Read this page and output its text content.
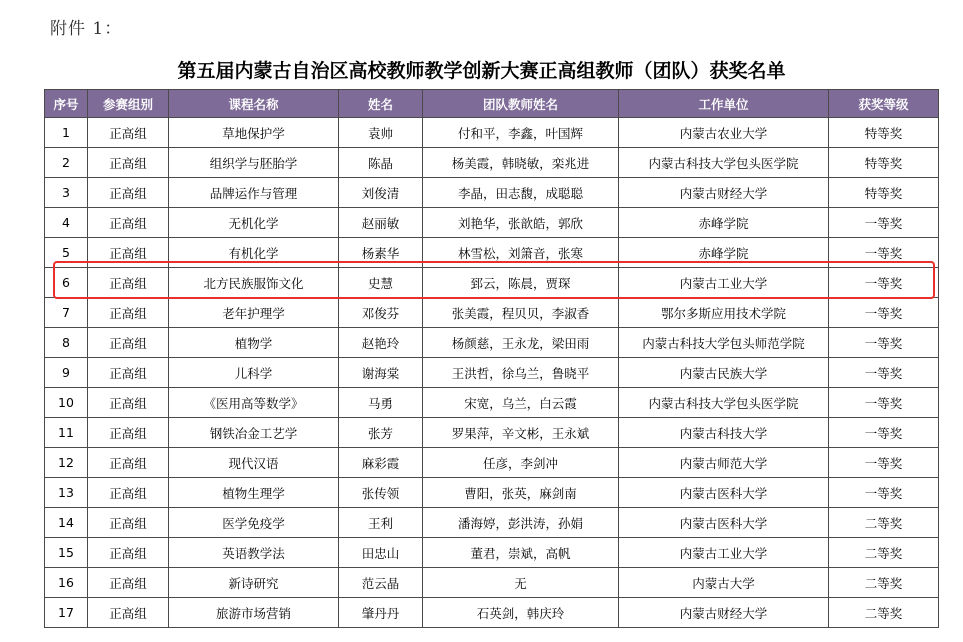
附件 1：
第五届内蒙古自治区高校教师教学创新大赛正高组教师（团队）获奖名单
序号	参赛组别	课程名称	姓名	团队教师姓名	工作单位	获奖等级
1	正高组	草地保护学	袁帅	付和平，李鑫，叶国辉	内蒙古农业大学	特等奖
2	正高组	组织学与胚胎学	陈晶	杨美霞，韩晓敏，栾兆进	内蒙古科技大学包头医学院	特等奖
3	正高组	品牌运作与管理	刘俊清	李晶，田志馥，成聪聪	内蒙古财经大学	特等奖
4	正高组	无机化学	赵丽敏	刘艳华，张歆皓，郭欣	赤峰学院	一等奖
5	正高组	有机化学	杨素华	林雪松，刘箫音，张寒	赤峰学院	一等奖
6	正高组	北方民族服饰文化	史慧	郅云，陈晨，贾琛	内蒙古工业大学	一等奖
7	正高组	老年护理学	邓俊芬	张美霞，程贝贝，李淑香	鄂尔多斯应用技术学院	一等奖
8	正高组	植物学	赵艳玲	杨颜慈，王永龙，梁田雨	内蒙古科技大学包头师范学院	一等奖
9	正高组	儿科学	谢海棠	王洪哲，徐乌兰，鲁晓平	内蒙古民族大学	一等奖
10	正高组	《医用高等数学》	马勇	宋宽，乌兰，白云霞	内蒙古科技大学包头医学院	一等奖
11	正高组	钢铁冶金工艺学	张芳	罗果萍，辛文彬，王永斌	内蒙古科技大学	一等奖
12	正高组	现代汉语	麻彩霞	任彦，李剑冲	内蒙古师范大学	一等奖
13	正高组	植物生理学	张传领	曹阳，张英，麻剑南	内蒙古医科大学	一等奖
14	正高组	医学免疫学	王利	潘海婷，彭洪涛，孙娟	内蒙古医科大学	二等奖
15	正高组	英语教学法	田忠山	董君，崇斌，高帆	内蒙古工业大学	二等奖
16	正高组	新诗研究	范云晶	无	内蒙古大学	二等奖
17	正高组	旅游市场营销	肇丹丹	石英剑，韩庆玲	内蒙古财经大学	二等奖
